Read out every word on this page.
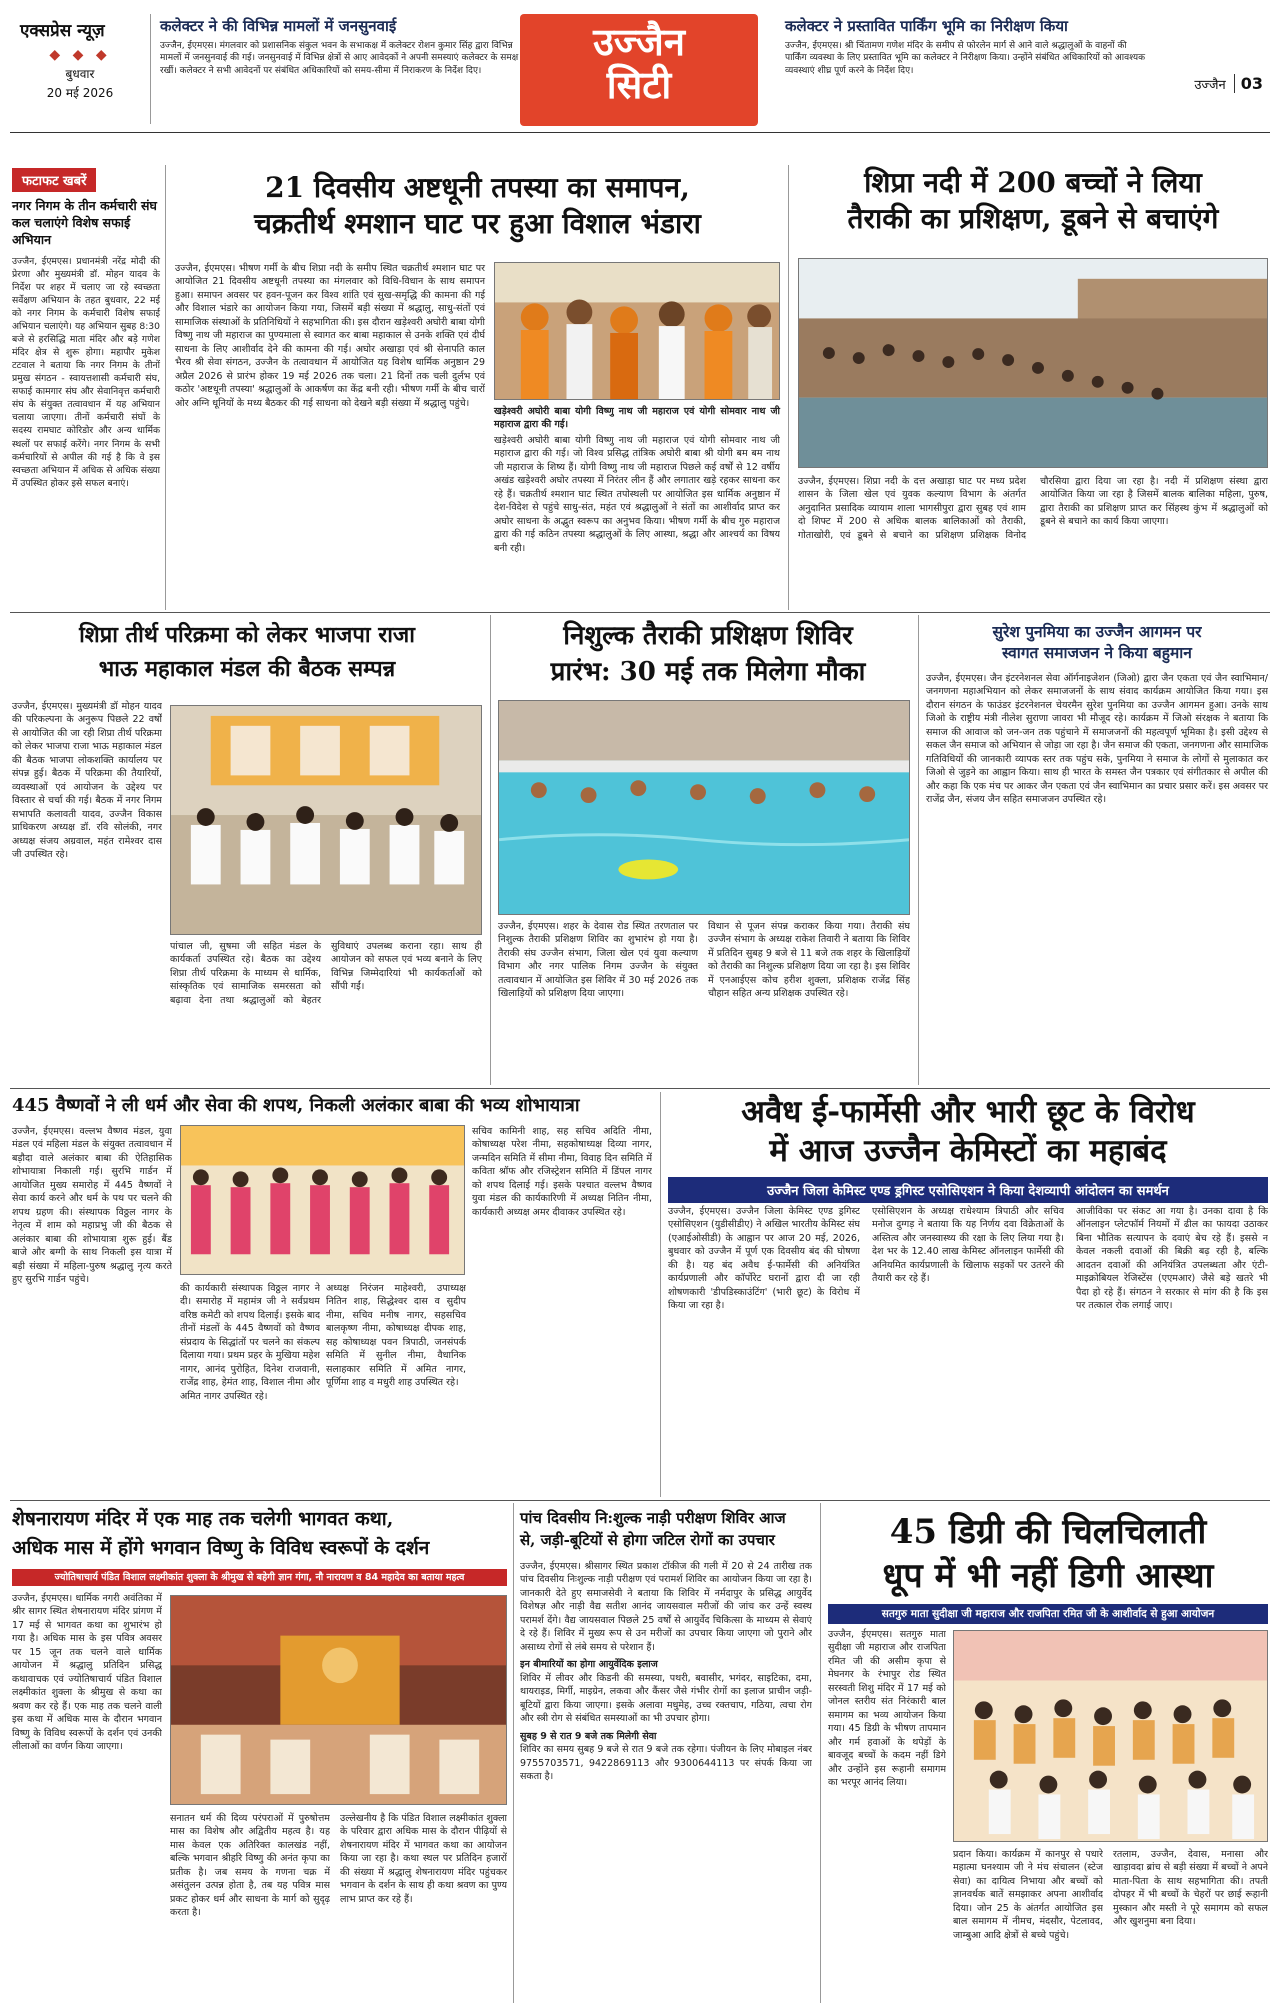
एक्सप्रेस न्यूज़
◆ ◆ ◆
बुधवार
20 मई 2026
कलेक्टर ने की विभिन्न मामलों में जनसुनवाई

उज्जैन, ईएमएस। मंगलवार को प्रशासनिक संकुल भवन के सभाकक्ष में कलेक्टर रोशन कुमार सिंह द्वारा विभिन्न मामलों में जनसुनवाई की गई। जनसुनवाई में विभिन्न क्षेत्रों से आए आवेदकों ने अपनी समस्याएं कलेक्टर के समक्ष रखीं। कलेक्टर ने सभी आवेदनों पर संबंधित अधिकारियों को समय-सीमा में निराकरण के निर्देश दिए।

उज्जैन
सिटी
कलेक्टर ने प्रस्तावित पार्किंग भूमि का निरीक्षण किया

उज्जैन, ईएमएस। श्री चिंतामण गणेश मंदिर के समीप से फोरलेन मार्ग से आने वाले श्रद्धालुओं के वाहनों की पार्किंग व्यवस्था के लिए प्रस्तावित भूमि का कलेक्टर ने निरीक्षण किया। उन्होंने संबंधित अधिकारियों को आवश्यक व्यवस्थाएं शीघ्र पूर्ण करने के निर्देश दिए।

उज्जैन 03
फटाफट खबरें
नगर निगम के तीन कर्मचारी संघ कल चलाएंगे विशेष सफाई अभियान

उज्जैन, ईएमएस। प्रधानमंत्री नरेंद्र मोदी की प्रेरणा और मुख्यमंत्री डॉ. मोहन यादव के निर्देश पर शहर में चलाए जा रहे स्वच्छता सर्वेक्षण अभियान के तहत बुधवार, 22 मई को नगर निगम के कर्मचारी विशेष सफाई अभियान चलाएंगे। यह अभियान सुबह 8:30 बजे से हरसिद्धि माता मंदिर और बड़े गणेश मंदिर क्षेत्र से शुरू होगा। महापौर मुकेश टटवाल ने बताया कि नगर निगम के तीनों प्रमुख संगठन - स्वायत्तशासी कर्मचारी संघ, सफाई कामगार संघ और सेवानिवृत्त कर्मचारी संघ के संयुक्त तत्वावधान में यह अभियान चलाया जाएगा। तीनों कर्मचारी संघों के सदस्य रामघाट कोरिडोर और अन्य धार्मिक स्थलों पर सफाई करेंगे। नगर निगम के सभी कर्मचारियों से अपील की गई है कि वे इस स्वच्छता अभियान में अधिक से अधिक संख्या में उपस्थित होकर इसे सफल बनाएं।

21 दिवसीय अष्टधूनी तपस्या का समापन,
चक्रतीर्थ श्मशान घाट पर हुआ विशाल भंडारा

उज्जैन, ईएमएस। भीषण गर्मी के बीच शिप्रा नदी के समीप स्थित चक्रतीर्थ श्मशान घाट पर आयोजित 21 दिवसीय अष्टधूनी तपस्या का मंगलवार को विधि-विधान के साथ समापन हुआ। समापन अवसर पर हवन-पूजन कर विश्व शांति एवं सुख-समृद्धि की कामना की गई और विशाल भंडारे का आयोजन किया गया, जिसमें बड़ी संख्या में श्रद्धालु, साधु-संतों एवं सामाजिक संस्थाओं के प्रतिनिधियों ने सहभागिता की। इस दौरान खड़ेश्वरी अघोरी बाबा योगी विष्णु नाथ जी महाराज का पुण्यमाला से स्वागत कर बाबा महाकाल से उनके शक्ति एवं दीर्घ साधना के लिए आशीर्वाद देने की कामना की गई। अघोर अखाड़ा एवं श्री सेनापति काल भैरव श्री सेवा संगठन, उज्जैन के तत्वावधान में आयोजित यह विशेष धार्मिक अनुष्ठान 29 अप्रैल 2026 से प्रारंभ होकर 19 मई 2026 तक चला। 21 दिनों तक चली दुर्लभ एवं कठोर 'अष्टधूनी तपस्या' श्रद्धालुओं के आकर्षण का केंद्र बनी रही। भीषण गर्मी के बीच चारों ओर अग्नि धूनियों के मध्य बैठकर की गई साधना को देखने बड़ी संख्या में श्रद्धालु पहुंचे।

खड़ेश्वरी अघोरी बाबा योगी विष्णु नाथ जी महाराज एवं योगी सोमवार नाथ जी महाराज द्वारा की गई।

खड़ेश्वरी अघोरी बाबा योगी विष्णु नाथ जी महाराज एवं योगी सोमवार नाथ जी महाराज द्वारा की गई। जो विश्व प्रसिद्ध तांत्रिक अघोरी बाबा श्री योगी बम बम नाथ जी महाराज के शिष्य हैं। योगी विष्णु नाथ जी महाराज पिछले कई वर्षों से 12 वर्षीय अखंड खड़ेश्वरी अघोर तपस्या में निरंतर लीन हैं और लगातार खड़े रहकर साधना कर रहे हैं। चक्रतीर्थ श्मशान घाट स्थित तपोस्थली पर आयोजित इस धार्मिक अनुष्ठान में देश-विदेश से पहुंचे साधु-संत, महंत एवं श्रद्धालुओं ने संतों का आशीर्वाद प्राप्त कर अघोर साधना के अद्भुत स्वरूप का अनुभव किया। भीषण गर्मी के बीच गुरु महाराज द्वारा की गई कठिन तपस्या श्रद्धालुओं के लिए आस्था, श्रद्धा और आश्चर्य का विषय बनी रही।

शिप्रा नदी में 200 बच्चों ने लिया
तैराकी का प्रशिक्षण, डूबने से बचाएंगे

उज्जैन, ईएमएस। शिप्रा नदी के दत्त अखाड़ा घाट पर मध्य प्रदेश शासन के जिला खेल एवं युवक कल्याण विभाग के अंतर्गत अनुदानित प्रसादिक व्यायाम शाला भागसीपुरा द्वारा सुबह एवं शाम दो शिफ्ट में 200 से अधिक बालक बालिकाओं को तैराकी, गोताखोरी, एवं डूबने से बचाने का प्रशिक्षण प्रशिक्षक विनोद चौरसिया द्वारा दिया जा रहा है। नदी में प्रशिक्षण संस्था द्वारा आयोजित किया जा रहा है जिसमें बालक बालिका महिला, पुरुष, द्वारा तैराकी का प्रशिक्षण प्राप्त कर सिंहस्थ कुंभ में श्रद्धालुओं को डूबने से बचाने का कार्य किया जाएगा।

शिप्रा तीर्थ परिक्रमा को लेकर भाजपा राजा
भाऊ महाकाल मंडल की बैठक सम्पन्न

उज्जैन, ईएमएस। मुख्यमंत्री डॉ मोहन यादव की परिकल्पना के अनुरूप पिछले 22 वर्षों से आयोजित की जा रही शिप्रा तीर्थ परिक्रमा को लेकर भाजपा राजा भाऊ महाकाल मंडल की बैठक भाजपा लोकशक्ति कार्यालय पर संपन्न हुई। बैठक में परिक्रमा की तैयारियों, व्यवस्थाओं एवं आयोजन के उद्देश्य पर विस्तार से चर्चा की गई। बैठक में नगर निगम सभापति कलावती यादव, उज्जैन विकास प्राधिकरण अध्यक्ष डॉ. रवि सोलंकी, नगर अध्यक्ष संजय अग्रवाल, महंत रामेश्वर दास जी उपस्थित रहे।

पांचाल जी, सुषमा जी सहित मंडल के कार्यकर्ता उपस्थित रहे। बैठक का उद्देश्य शिप्रा तीर्थ परिक्रमा के माध्यम से धार्मिक, सांस्कृतिक एवं सामाजिक समरसता को बढ़ावा देना तथा श्रद्धालुओं को बेहतर सुविधाएं उपलब्ध कराना रहा। साथ ही आयोजन को सफल एवं भव्य बनाने के लिए विभिन्न जिम्मेदारियां भी कार्यकर्ताओं को सौंपी गईं।

निशुल्क तैराकी प्रशिक्षण शिविर
प्रारंभ: 30 मई तक मिलेगा मौका

उज्जैन, ईएमएस। शहर के देवास रोड स्थित तरणताल पर निशुल्क तैराकी प्रशिक्षण शिविर का शुभारंभ हो गया है। तैराकी संघ उज्जैन संभाग, जिला खेल एवं युवा कल्याण विभाग और नगर पालिक निगम उज्जैन के संयुक्त तत्वावधान में आयोजित इस शिविर में 30 मई 2026 तक खिलाड़ियों को प्रशिक्षण दिया जाएगा।

विधान से पूजन संपन्न कराकर किया गया। तैराकी संघ उज्जैन संभाग के अध्यक्ष राकेश तिवारी ने बताया कि शिविर में प्रतिदिन सुबह 9 बजे से 11 बजे तक शहर के खिलाड़ियों को तैराकी का निशुल्क प्रशिक्षण दिया जा रहा है। इस शिविर में एनआईएस कोच हरीश शुक्ला, प्रशिक्षक राजेंद्र सिंह चौहान सहित अन्य प्रशिक्षक उपस्थित रहे।

सुरेश पुनमिया का उज्जैन आगमन पर
स्वागत समाजजन ने किया बहुमान

उज्जैन, ईएमएस। जैन इंटरनेशनल सेवा ऑर्गनाइजेशन (जिओ) द्वारा जैन एकता एवं जैन स्वाभिमान/जनगणना महाअभियान को लेकर समाजजनों के साथ संवाद कार्यक्रम आयोजित किया गया। इस दौरान संगठन के फाउंडर इंटरनेशनल चेयरमैन सुरेश पुनमिया का उज्जैन आगमन हुआ। उनके साथ जिओ के राष्ट्रीय मंत्री नीलेश सुराणा जावरा भी मौजूद रहे। कार्यक्रम में जिओ संरक्षक ने बताया कि समाज की आवाज को जन-जन तक पहुंचाने में समाजजनों की महत्वपूर्ण भूमिका है। इसी उद्देश्य से सकल जैन समाज को अभियान से जोड़ा जा रहा है। जैन समाज की एकता, जनगणना और सामाजिक गतिविधियों की जानकारी व्यापक स्तर तक पहुंच सके, पुनमिया ने समाज के लोगों से मुलाकात कर जिओ से जुड़ने का आह्वान किया। साथ ही भारत के समस्त जैन पत्रकार एवं संगीतकार से अपील की और कहा कि एक मंच पर आकर जैन एकता एवं जैन स्वाभिमान का प्रचार प्रसार करें। इस अवसर पर राजेंद्र जैन, संजय जैन सहित समाजजन उपस्थित रहे।

445 वैष्णवों ने ली धर्म और सेवा की शपथ, निकली अलंकार बाबा की भव्य शोभायात्रा

उज्जैन, ईएमएस। वल्लभ वैष्णव मंडल, युवा मंडल एवं महिला मंडल के संयुक्त तत्वावधान में बड़ौदा वाले अलंकार बाबा की ऐतिहासिक शोभायात्रा निकाली गई। सुरभि गार्डन में आयोजित मुख्य समारोह में 445 वैष्णवों ने सेवा कार्य करने और धर्म के पथ पर चलने की शपथ ग्रहण की। संस्थापक विठ्ठल नागर के नेतृत्व में शाम को महाप्रभु जी की बैठक से अलंकार बाबा की शोभायात्रा शुरू हुई। बैंड बाजे और बग्गी के साथ निकली इस यात्रा में बड़ी संख्या में महिला-पुरुष श्रद्धालु नृत्य करते हुए सुरभि गार्डन पहुंचे।

की कार्यकारी संस्थापक विठ्ठल नागर ने दी। समारोह में महामंत्र जी ने सर्वप्रथम वरिष्ठ कमेटी को शपथ दिलाई। इसके बाद तीनों मंडलों के 445 वैष्णवों को वैष्णव संप्रदाय के सिद्धांतों पर चलने का संकल्प दिलाया गया। प्रथम प्रहर के मुखिया महेश नागर, आनंद पुरोहित, दिनेश राजवानी, राजेंद्र शाह, हेमंत शाह, विशाल नीमा और अमित नागर उपस्थित रहे।

अध्यक्ष निरंजन माहेश्वरी, उपाध्यक्ष नितिन शाह, सिद्धेश्वर दास व सुदीप नीमा, सचिव मनीष नागर, सहसचिव बालकृष्ण नीमा, कोषाध्यक्ष दीपक शाह, सह कोषाध्यक्ष पवन त्रिपाठी, जनसंपर्क समिति में सुनील नीमा, वैधानिक सलाहकार समिति में अमित नागर, पूर्णिमा शाह व मधुरी शाह उपस्थित रहे।

सचिव कामिनी शाह, सह सचिव अदिति नीमा, कोषाध्यक्ष परेश नीमा, सहकोषाध्यक्ष दिव्या नागर, जन्मदिन समिति में सीमा नीमा, विवाह दिन समिति में कविता श्रॉफ और रजिस्ट्रेशन समिति में डिंपल नागर को शपथ दिलाई गई। इसके पश्चात वल्लभ वैष्णव युवा मंडल की कार्यकारिणी में अध्यक्ष नितिन नीमा, कार्यकारी अध्यक्ष अमर दीवाकर उपस्थित रहे।

अवैध ई-फार्मेसी और भारी छूट के विरोध
में आज उज्जैन केमिस्टों का महाबंद
उज्जैन जिला केमिस्ट एण्ड ड्रगिस्ट एसोसिएशन ने किया देशव्यापी आंदोलन का समर्थन

उज्जैन, ईएमएस। उज्जैन जिला केमिस्ट एण्ड ड्रगिस्ट एसोसिएशन (युडीसीडीए) ने अखिल भारतीय केमिस्ट संघ (एआईओसीडी) के आह्वान पर आज 20 मई, 2026, बुधवार को उज्जैन में पूर्ण एक दिवसीय बंद की घोषणा की है। यह बंद अवैध ई-फार्मेसी की अनियंत्रित कार्यप्रणाली और कॉर्पोरेट घरानों द्वारा दी जा रही शोषणकारी 'डीपडिस्काउंटिंग' (भारी छूट) के विरोध में किया जा रहा है।

एसोसिएशन के अध्यक्ष राधेश्याम त्रिपाठी और सचिव मनोज दुग्गड़ ने बताया कि यह निर्णय दवा विक्रेताओं के अस्तित्व और जनस्वास्थ्य की रक्षा के लिए लिया गया है। देश भर के 12.40 लाख केमिस्ट ऑनलाइन फार्मेसी की अनियमित कार्यप्रणाली के खिलाफ सड़कों पर उतरने की तैयारी कर रहे हैं।

आजीविका पर संकट आ गया है। उनका दावा है कि ऑनलाइन प्लेटफॉर्म नियमों में ढील का फायदा उठाकर बिना भौतिक सत्यापन के दवाएं बेच रहे हैं। इससे न केवल नकली दवाओं की बिक्री बढ़ रही है, बल्कि आदतन दवाओं की अनियंत्रित उपलब्धता और एंटी-माइक्रोबियल रेजिस्टेंस (एएमआर) जैसे बड़े खतरे भी पैदा हो रहे हैं। संगठन ने सरकार से मांग की है कि इस पर तत्काल रोक लगाई जाए।

शेषनारायण मंदिर में एक माह तक चलेगी भागवत कथा,
अधिक मास में होंगे भगवान विष्णु के विविध स्वरूपों के दर्शन
ज्योतिषाचार्य पंडित विशाल लक्ष्मीकांत शुक्ला के श्रीमुख से बहेगी ज्ञान गंगा, नौ नारायण व 84 महादेव का बताया महत्व

उज्जैन, ईएमएस। धार्मिक नगरी अवंतिका में श्रीर सागर स्थित शेषनारायण मंदिर प्रांगण में 17 मई से भागवत कथा का शुभारंभ हो गया है। अधिक मास के इस पवित्र अवसर पर 15 जून तक चलने वाले धार्मिक आयोजन में श्रद्धालु प्रतिदिन प्रसिद्ध कथावाचक एवं ज्योतिषाचार्य पंडित विशाल लक्ष्मीकांत शुक्ला के श्रीमुख से कथा का श्रवण कर रहे हैं। एक माह तक चलने वाली इस कथा में अधिक मास के दौरान भगवान विष्णु के विविध स्वरूपों के दर्शन एवं उनकी लीलाओं का वर्णन किया जाएगा।

सनातन धर्म की दिव्य परंपराओं में पुरुषोत्तम मास का विशेष और अद्वितीय महत्व है। यह मास केवल एक अतिरिक्त कालखंड नहीं, बल्कि भगवान श्रीहरि विष्णु की अनंत कृपा का प्रतीक है। जब समय के गणना चक्र में असंतुलन उत्पन्न होता है, तब यह पवित्र मास प्रकट होकर धर्म और साधना के मार्ग को सुदृढ़ करता है।

उल्लेखनीय है कि पंडित विशाल लक्ष्मीकांत शुक्ला के परिवार द्वारा अधिक मास के दौरान पीढ़ियों से शेषनारायण मंदिर में भागवत कथा का आयोजन किया जा रहा है। कथा स्थल पर प्रतिदिन हजारों की संख्या में श्रद्धालु शेषनारायण मंदिर पहुंचकर भगवान के दर्शन के साथ ही कथा श्रवण का पुण्य लाभ प्राप्त कर रहे हैं।

पांच दिवसीय नि:शुल्क नाड़ी परीक्षण शिविर आज
से, जड़ी-बूटियों से होगा जटिल रोगों का उपचार

उज्जैन, ईएमएस। श्रीसागर स्थित प्रकाश टॉकीज की गली में 20 से 24 तारीख तक पांच दिवसीय निःशुल्क नाड़ी परीक्षण एवं परामर्श शिविर का आयोजन किया जा रहा है। जानकारी देते हुए समाजसेवी ने बताया कि शिविर में नर्मदापुर के प्रसिद्ध आयुर्वेद विशेषज्ञ और नाड़ी वैद्य सतीश आनंद जायसवाल मरीजों की जांच कर उन्हें स्वस्थ परामर्श देंगे। वैद्य जायसवाल पिछले 25 वर्षों से आयुर्वेद चिकित्सा के माध्यम से सेवाएं दे रहे हैं। शिविर में मुख्य रूप से उन मरीजों का उपचार किया जाएगा जो पुराने और असाध्य रोगों से लंबे समय से परेशान हैं।

इन बीमारियों का होगा आयुर्वेदिक इलाज

शिविर में लीवर और किडनी की समस्या, पथरी, बवासीर, भगंदर, साइटिका, दमा, थायराइड, मिर्गी, माइग्रेन, लकवा और कैंसर जैसे गंभीर रोगों का इलाज प्राचीन जड़ी-बूटियों द्वारा किया जाएगा। इसके अलावा मधुमेह, उच्च रक्तचाप, गठिया, त्वचा रोग और स्त्री रोग से संबंधित समस्याओं का भी उपचार होगा।

सुबह 9 से रात 9 बजे तक मिलेगी सेवा

शिविर का समय सुबह 9 बजे से रात 9 बजे तक रहेगा। पंजीयन के लिए मोबाइल नंबर 9755703571, 9422869113 और 9300644113 पर संपर्क किया जा सकता है।

45 डिग्री की चिलचिलाती
धूप में भी नहीं डिगी आस्था
सतगुरु माता सुदीक्षा जी महाराज और राजपिता रमित जी के आशीर्वाद से हुआ आयोजन

उज्जैन, ईएमएस। सतगुरु माता सुदीक्षा जी महाराज और राजपिता रमित जी की असीम कृपा से मेघनगर के रंभापुर रोड स्थित सरस्वती शिशु मंदिर में 17 मई को जोनल स्तरीय संत निरंकारी बाल समागम का भव्य आयोजन किया गया। 45 डिग्री के भीषण तापमान और गर्म हवाओं के थपेड़ों के बावजूद बच्चों के कदम नहीं डिगे और उन्होंने इस रूहानी समागम का भरपूर आनंद लिया।

प्रदान किया। कार्यक्रम में कानपुर से पधारे महात्मा घनश्याम जी ने मंच संचालन (स्टेज सेवा) का दायित्व निभाया और बच्चों को ज्ञानवर्धक बातें समझाकर अपना आशीर्वाद दिया। जोन 25 के अंतर्गत आयोजित इस बाल समागम में नीमच, मंदसौर, पेटलावद, जाम्बुआ आदि क्षेत्रों से बच्चे पहुंचे।

रतलाम, उज्जैन, देवास, मनासा और खाड़ावदा ब्रांच से बड़ी संख्या में बच्चों ने अपने माता-पिता के साथ सहभागिता की। तपती दोपहर में भी बच्चों के चेहरों पर छाई रूहानी मुस्कान और मस्ती ने पूरे समागम को सफल और खुशनुमा बना दिया।
